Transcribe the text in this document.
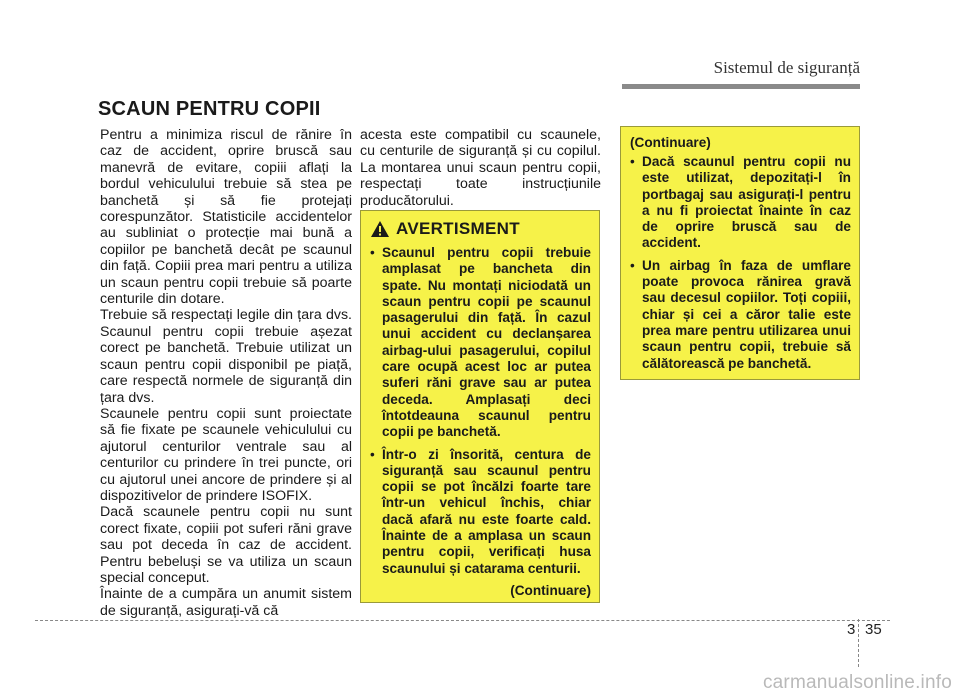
Sistemul de siguranță
SCAUN PENTRU COPII

Pentru a minimiza riscul de rănire în caz de accident, oprire bruscă sau manevră de evitare, copiii aflați la bordul vehiculului trebuie să stea pe banchetă și să fie protejați corespunzător. Statisticile accidentelor au subliniat o protecție mai bună a copiilor pe banchetă decât pe scaunul din față. Copiii prea mari pentru a utiliza un scaun pentru copii trebuie să poarte centurile din dotare.

Trebuie să respectați legile din țara dvs. Scaunul pentru copii trebuie așezat corect pe banchetă. Trebuie utilizat un scaun pentru copii disponibil pe piață, care respectă normele de siguranță din țara dvs.

Scaunele pentru copii sunt proiectate să fie fixate pe scaunele vehiculului cu ajutorul centurilor ventrale sau al centurilor cu prindere în trei puncte, ori cu ajutorul unei ancore de prindere și al dispozitivelor de prindere ISOFIX.

Dacă scaunele pentru copii nu sunt corect fixate, copiii pot suferi răni grave sau pot deceda în caz de accident. Pentru bebeluși se va utiliza un scaun special conceput.

Înainte de a cumpăra un anumit sistem de siguranță, asigurați-vă că

acesta este compatibil cu scaunele, cu centurile de siguranță și cu copilul. La montarea unui scaun pentru copii, respectați toate instrucțiunile producătorului.

AVERTISMENT
• Scaunul pentru copii trebuie amplasat pe bancheta din spate. Nu montați niciodată un scaun pentru copii pe scaunul pasagerului din față. În cazul unui accident cu declanșarea airbag-ului pasagerului, copilul care ocupă acest loc ar putea suferi răni grave sau ar putea deceda. Amplasați deci întotdeauna scaunul pentru copii pe banchetă.
• Într-o zi însorită, centura de siguranță sau scaunul pentru copii se pot încălzi foarte tare într-un vehicul închis, chiar dacă afară nu este foarte cald. Înainte de a amplasa un scaun pentru copii, verificați husa scaunului și catarama centurii.
(Continuare)
(Continuare)
• Dacă scaunul pentru copii nu este utilizat, depozitați-l în portbagaj sau asigurați-l pentru a nu fi proiectat înainte în caz de oprire bruscă sau de accident.
• Un airbag în faza de umflare poate provoca rănirea gravă sau decesul copiilor. Toți copiii, chiar și cei a căror talie este prea mare pentru utilizarea unui scaun pentru copii, trebuie să călătorească pe banchetă.
3 35
carmanualsonline.info
